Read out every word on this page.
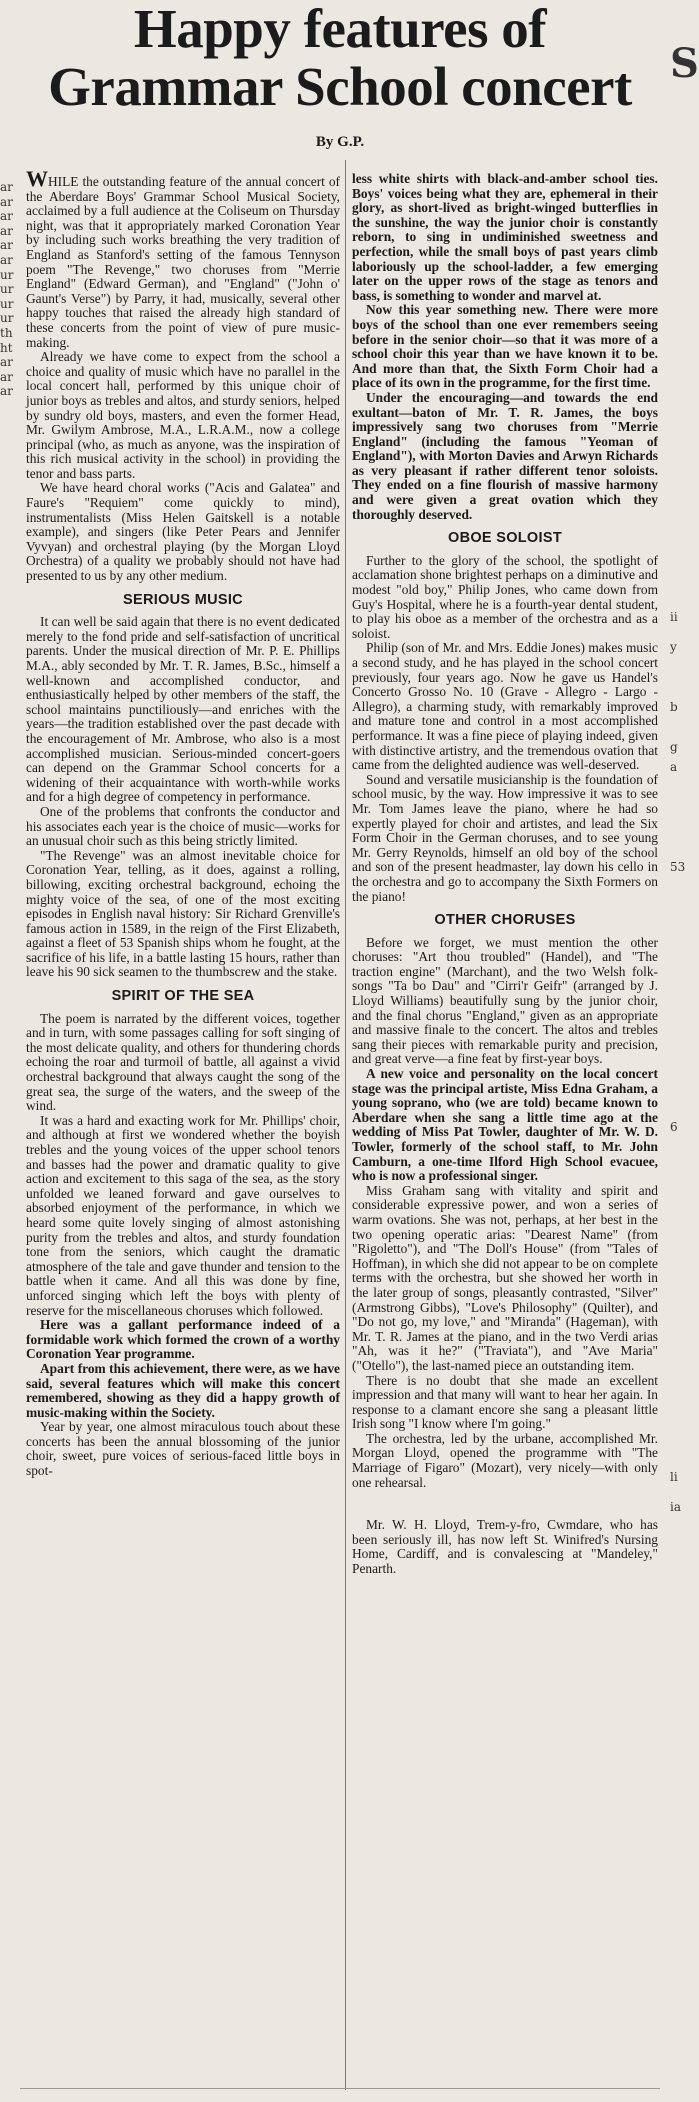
Happy features of
Grammar School concert
By G.P.
ar
ar
ar
ar
ar
ar
ur
ur
ur
ur
th
ht
ar
ar
ar
S
ii
y
b
g
a
53
6
li
ia

WHILE the outstanding feature of the annual concert of the Aberdare Boys' Grammar School Musical Society, acclaimed by a full audience at the Coliseum on Thursday night, was that it appropriately marked Coronation Year by including such works breathing the very tradition of England as Stanford's setting of the famous Tennyson poem "The Revenge," two choruses from "Merrie England" (Edward German), and "England" ("John o' Gaunt's Verse") by Parry, it had, musically, several other happy touches that raised the already high standard of these concerts from the point of view of pure music-making.

Already we have come to expect from the school a choice and quality of music which have no parallel in the local concert hall, performed by this unique choir of junior boys as trebles and altos, and sturdy seniors, helped by sundry old boys, masters, and even the former Head, Mr. Gwilym Ambrose, M.A., L.R.A.M., now a college principal (who, as much as anyone, was the inspiration of this rich musical activity in the school) in providing the tenor and bass parts.

We have heard choral works ("Acis and Galatea" and Faure's "Requiem" come quickly to mind), instrumentalists (Miss Helen Gaitskell is a notable example), and singers (like Peter Pears and Jennifer Vyvyan) and orchestral playing (by the Morgan Lloyd Orchestra) of a quality we probably should not have had presented to us by any other medium.

SERIOUS MUSIC

It can well be said again that there is no event dedicated merely to the fond pride and self-satisfaction of uncritical parents. Under the musical direction of Mr. P. E. Phillips M.A., ably seconded by Mr. T. R. James, B.Sc., himself a well-known and accomplished conductor, and enthusiastically helped by other members of the staff, the school maintains punctiliously—and enriches with the years—the tradition established over the past decade with the encouragement of Mr. Ambrose, who also is a most accomplished musician. Serious-minded concert-goers can depend on the Grammar School concerts for a widening of their acquaintance with worth-while works and for a high degree of competency in performance.

One of the problems that confronts the conductor and his associates each year is the choice of music—works for an unusual choir such as this being strictly limited.

"The Revenge" was an almost inevitable choice for Coronation Year, telling, as it does, against a rolling, billowing, exciting orchestral background, echoing the mighty voice of the sea, of one of the most exciting episodes in English naval history: Sir Richard Grenville's famous action in 1589, in the reign of the First Elizabeth, against a fleet of 53 Spanish ships whom he fought, at the sacrifice of his life, in a battle lasting 15 hours, rather than leave his 90 sick seamen to the thumbscrew and the stake.

SPIRIT OF THE SEA

The poem is narrated by the different voices, together and in turn, with some passages calling for soft singing of the most delicate quality, and others for thundering chords echoing the roar and turmoil of battle, all against a vivid orchestral background that always caught the song of the great sea, the surge of the waters, and the sweep of the wind.

It was a hard and exacting work for Mr. Phillips' choir, and although at first we wondered whether the boyish trebles and the young voices of the upper school tenors and basses had the power and dramatic quality to give action and excitement to this saga of the sea, as the story unfolded we leaned forward and gave ourselves to absorbed enjoyment of the performance, in which we heard some quite lovely singing of almost astonishing purity from the trebles and altos, and sturdy foundation tone from the seniors, which caught the dramatic atmosphere of the tale and gave thunder and tension to the battle when it came. And all this was done by fine, unforced singing which left the boys with plenty of reserve for the miscellaneous choruses which followed.

Here was a gallant performance indeed of a formidable work which formed the crown of a worthy Coronation Year programme.

Apart from this achievement, there were, as we have said, several features which will make this concert remembered, showing as they did a happy growth of music-making within the Society.

Year by year, one almost miraculous touch about these concerts has been the annual blossoming of the junior choir, sweet, pure voices of serious-faced little boys in spot-

less white shirts with black-and-amber school ties. Boys' voices being what they are, ephemeral in their glory, as short-lived as bright-winged butterflies in the sunshine, the way the junior choir is constantly reborn, to sing in undiminished sweetness and perfection, while the small boys of past years climb laboriously up the school-ladder, a few emerging later on the upper rows of the stage as tenors and bass, is something to wonder and marvel at.

Now this year something new. There were more boys of the school than one ever remembers seeing before in the senior choir—so that it was more of a school choir this year than we have known it to be. And more than that, the Sixth Form Choir had a place of its own in the programme, for the first time.

Under the encouraging—and towards the end exultant—baton of Mr. T. R. James, the boys impressively sang two choruses from "Merrie England" (including the famous "Yeoman of England"), with Morton Davies and Arwyn Richards as very pleasant if rather different tenor soloists. They ended on a fine flourish of massive harmony and were given a great ovation which they thoroughly deserved.

OBOE SOLOIST

Further to the glory of the school, the spotlight of acclamation shone brightest perhaps on a diminutive and modest "old boy," Philip Jones, who came down from Guy's Hospital, where he is a fourth-year dental student, to play his oboe as a member of the orchestra and as a soloist.

Philip (son of Mr. and Mrs. Eddie Jones) makes music a second study, and he has played in the school concert previously, four years ago. Now he gave us Handel's Concerto Grosso No. 10 (Grave - Allegro - Largo - Allegro), a charming study, with remarkably improved and mature tone and control in a most accomplished performance. It was a fine piece of playing indeed, given with distinctive artistry, and the tremendous ovation that came from the delighted audience was well-deserved.

Sound and versatile musicianship is the foundation of school music, by the way. How impressive it was to see Mr. Tom James leave the piano, where he had so expertly played for choir and artistes, and lead the Six Form Choir in the German choruses, and to see young Mr. Gerry Reynolds, himself an old boy of the school and son of the present headmaster, lay down his cello in the orchestra and go to accompany the Sixth Formers on the piano!

OTHER CHORUSES

Before we forget, we must mention the other choruses: "Art thou troubled" (Handel), and "The traction engine" (Marchant), and the two Welsh folk-songs "Ta bo Dau" and "Cirri'r Geifr" (arranged by J. Lloyd Williams) beautifully sung by the junior choir, and the final chorus "England," given as an appropriate and massive finale to the concert. The altos and trebles sang their pieces with remarkable purity and precision, and great verve—a fine feat by first-year boys.

A new voice and personality on the local concert stage was the principal artiste, Miss Edna Graham, a young soprano, who (we are told) became known to Aberdare when she sang a little time ago at the wedding of Miss Pat Towler, daughter of Mr. W. D. Towler, formerly of the school staff, to Mr. John Camburn, a one-time Ilford High School evacuee, who is now a professional singer.

Miss Graham sang with vitality and spirit and considerable expressive power, and won a series of warm ovations. She was not, perhaps, at her best in the two opening operatic arias: "Dearest Name" (from "Rigoletto"), and "The Doll's House" (from "Tales of Hoffman), in which she did not appear to be on complete terms with the orchestra, but she showed her worth in the later group of songs, pleasantly contrasted, "Silver" (Armstrong Gibbs), "Love's Philosophy" (Quilter), and "Do not go, my love," and "Miranda" (Hageman), with Mr. T. R. James at the piano, and in the two Verdi arias "Ah, was it he?" ("Traviata"), and "Ave Maria" ("Otello"), the last-named piece an outstanding item.

There is no doubt that she made an excellent impression and that many will want to hear her again. In response to a clamant encore she sang a pleasant little Irish song "I know where I'm going."

The orchestra, led by the urbane, accomplished Mr. Morgan Lloyd, opened the programme with "The Marriage of Figaro" (Mozart), very nicely—with only one rehearsal.

Mr. W. H. Lloyd, Trem-y-fro, Cwmdare, who has been seriously ill, has now left St. Winifred's Nursing Home, Cardiff, and is convalescing at "Mandeley," Penarth.
